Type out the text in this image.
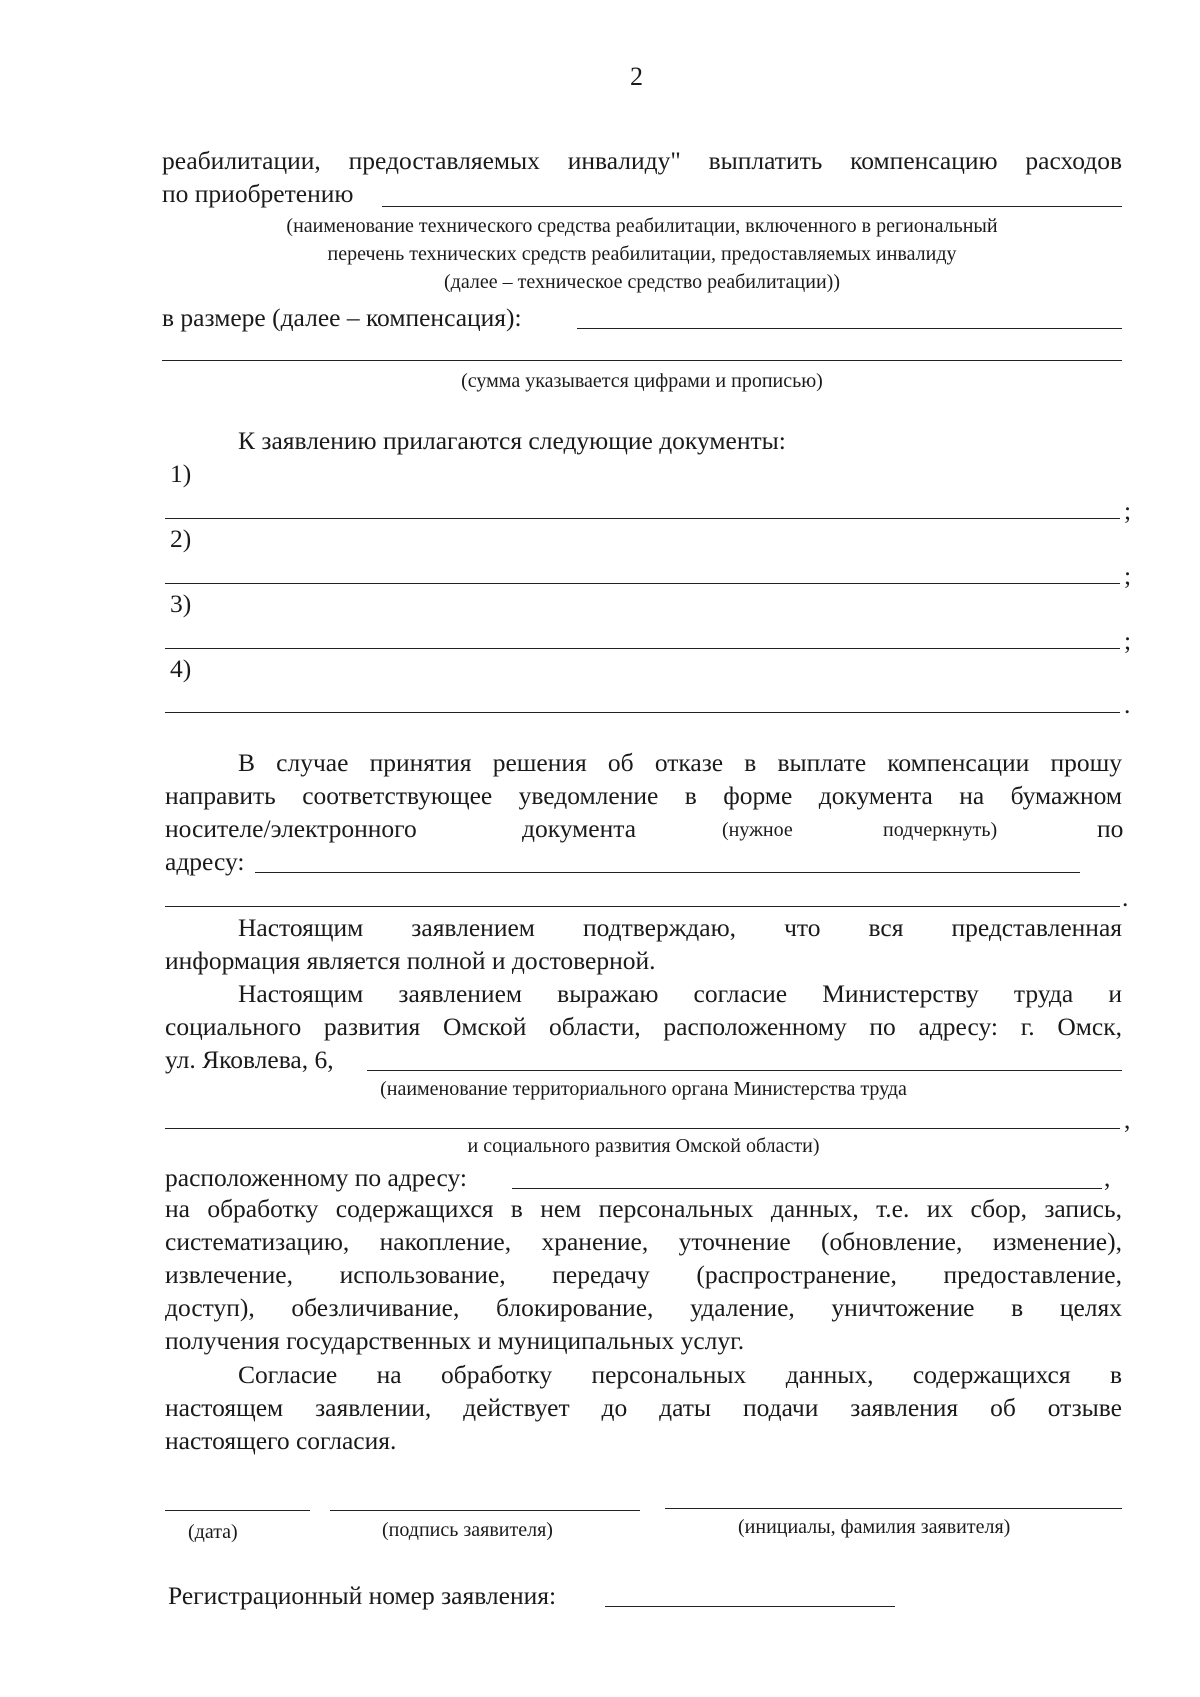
2
реабилитации, предоставляемых инвалиду" выплатить компенсацию расходов
по приобретению
(наименование технического средства реабилитации, включенного в региональный
перечень технических средств реабилитации, предоставляемых инвалиду
(далее – техническое средство реабилитации))
в размере (далее – компенсация):
(сумма указывается цифрами и прописью)
К заявлению прилагаются следующие документы:
1)
;
2)
;
3)
;
4)
.
В случае принятия решения об отказе в выплате компенсации прошу
направить соответствующее уведомление в форме документа на бумажном
носителе/электронного	документа	(нужное	подчеркнуть)	по
адресу:
.
Настоящим заявлением подтверждаю, что вся представленная
информация является полной и достоверной.
Настоящим заявлением выражаю согласие Министерству труда и
социального развития Омской области, расположенному по адресу: г. Омск,
ул. Яковлева, 6,
(наименование территориального органа Министерства труда
,
и социального развития Омской области)
расположенному по адресу:	,
на обработку содержащихся в нем персональных данных, т.е. их сбор, запись,
систематизацию, накопление, хранение, уточнение (обновление, изменение),
извлечение, использование, передачу (распространение, предоставление,
доступ), обезличивание, блокирование, удаление, уничтожение в целях
получения государственных и муниципальных услуг.
Согласие на обработку персональных данных, содержащихся в
настоящем заявлении, действует до даты подачи заявления об отзыве
настоящего согласия.
(дата)	(подпись заявителя)	(инициалы, фамилия заявителя)
Регистрационный номер заявления:
